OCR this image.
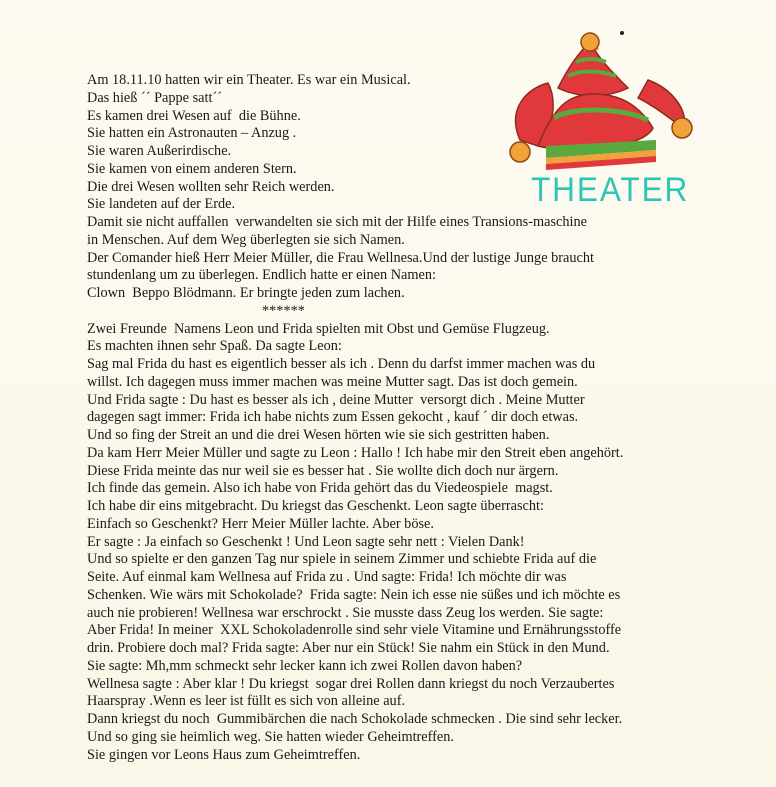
THEATER
Am 18.11.10 hatten wir ein Theater. Es war ein Musical.
Das hieß ´´ Pappe satt´´
Es kamen drei Wesen auf  die Bühne.
Sie hatten ein Astronauten – Anzug .
Sie waren Außerirdische.
Sie kamen von einem anderen Stern.
Die drei Wesen wollten sehr Reich werden.
Sie landeten auf der Erde.
Damit sie nicht auffallen  verwandelten sie sich mit der Hilfe eines Transions-maschine
in Menschen. Auf dem Weg überlegten sie sich Namen.
Der Comander hieß Herr Meier Müller, die Frau Wellnesa.Und der lustige Junge braucht
stundenlang um zu überlegen. Endlich hatte er einen Namen:
Clown  Beppo Blödmann. Er bringte jeden zum lachen.
******
Zwei Freunde  Namens Leon und Frida spielten mit Obst und Gemüse Flugzeug.
Es machten ihnen sehr Spaß. Da sagte Leon:
Sag mal Frida du hast es eigentlich besser als ich . Denn du darfst immer machen was du
willst. Ich dagegen muss immer machen was meine Mutter sagt. Das ist doch gemein.
Und Frida sagte : Du hast es besser als ich , deine Mutter  versorgt dich . Meine Mutter
dagegen sagt immer: Frida ich habe nichts zum Essen gekocht , kauf ´ dir doch etwas.
Und so fing der Streit an und die drei Wesen hörten wie sie sich gestritten haben.
Da kam Herr Meier Müller und sagte zu Leon : Hallo ! Ich habe mir den Streit eben angehört.
Diese Frida meinte das nur weil sie es besser hat . Sie wollte dich doch nur ärgern.
Ich finde das gemein. Also ich habe von Frida gehört das du Viedeospiele  magst.
Ich habe dir eins mitgebracht. Du kriegst das Geschenkt. Leon sagte überrascht:
Einfach so Geschenkt? Herr Meier Müller lachte. Aber böse.
Er sagte : Ja einfach so Geschenkt ! Und Leon sagte sehr nett : Vielen Dank!
Und so spielte er den ganzen Tag nur spiele in seinem Zimmer und schiebte Frida auf die
Seite. Auf einmal kam Wellnesa auf Frida zu . Und sagte: Frida! Ich möchte dir was
Schenken. Wie wärs mit Schokolade?  Frida sagte: Nein ich esse nie süßes und ich möchte es
auch nie probieren! Wellnesa war erschrockt . Sie musste dass Zeug los werden. Sie sagte:
Aber Frida! In meiner  XXL Schokoladenrolle sind sehr viele Vitamine und Ernährungsstoffe
drin. Probiere doch mal? Frida sagte: Aber nur ein Stück! Sie nahm ein Stück in den Mund.
Sie sagte: Mh,mm schmeckt sehr lecker kann ich zwei Rollen davon haben?
Wellnesa sagte : Aber klar ! Du kriegst  sogar drei Rollen dann kriegst du noch Verzaubertes
Haarspray .Wenn es leer ist füllt es sich von alleine auf.
Dann kriegst du noch  Gummibärchen die nach Schokolade schmecken . Die sind sehr lecker.
Und so ging sie heimlich weg. Sie hatten wieder Geheimtreffen.
Sie gingen vor Leons Haus zum Geheimtreffen.
